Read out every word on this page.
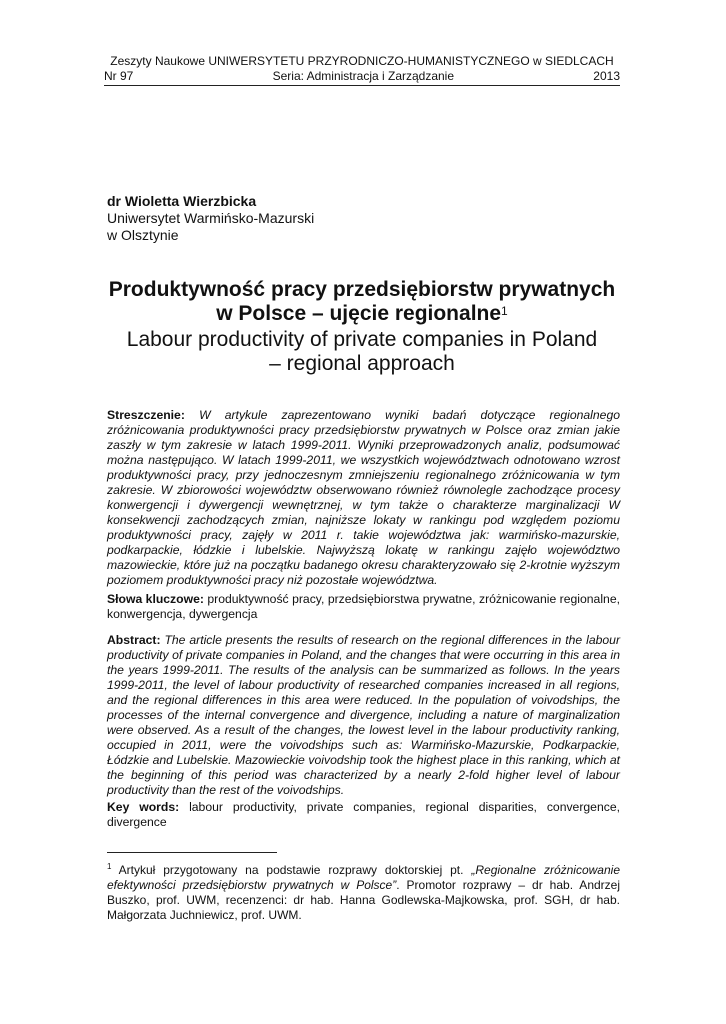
Zeszyty Naukowe UNIWERSYTETU PRZYRODNICZO-HUMANISTYCZNEGO w SIEDLCACH
Nr 97	Seria: Administracja i Zarządzanie	2013
dr Wioletta Wierzbicka
Uniwersytet Warmińsko-Mazurski
w Olsztynie
Produktywność pracy przedsiębiorstw prywatnych
w Polsce – ujęcie regionalne$^1$
Labour productivity of private companies in Poland
– regional approach
Streszczenie: W artykule zaprezentowano wyniki badań dotyczące regionalnego zróżnicowania produktywności pracy przedsiębiorstw prywatnych w Polsce oraz zmian jakie zaszły w tym zakresie w latach 1999-2011. Wyniki przeprowadzonych analiz, podsumować można następująco. W latach 1999-2011, we wszystkich województwach odnotowano wzrost produktywności pracy, przy jednoczesnym zmniejszeniu regionalnego zróżnicowania w tym zakresie. W zbiorowości województw obserwowano również równolegle zachodzące procesy konwergencji i dywergencji wewnętrznej, w tym także o charakterze marginalizacji W konsekwencji zachodzących zmian, najniższe lokaty w rankingu pod względem poziomu produktywności pracy, zajęły w 2011 r. takie województwa jak: warmińsko-mazurskie, podkarpackie, łódzkie i lubelskie. Najwyższą lokatę w rankingu zajęło województwo mazowieckie, które już na początku badanego okresu charakteryzowało się 2-krotnie wyższym poziomem produktywności pracy niż pozostałe województwa.
Słowa kluczowe: produktywność pracy, przedsiębiorstwa prywatne, zróżnicowanie regionalne, konwergencja, dywergencja
Abstract: The article presents the results of research on the regional differences in the labour productivity of private companies in Poland, and the changes that were occurring in this area in the years 1999-2011. The results of the analysis can be summarized as follows. In the years 1999-2011, the level of labour productivity of researched companies increased in all regions, and the regional differences in this area were reduced. In the population of voivodships, the processes of the internal convergence and divergence, including a nature of marginalization were observed. As a result of the changes, the lowest level in the labour productivity ranking, occupied in 2011, were the voivodships such as: Warmińsko-Mazurskie, Podkarpackie, Łódzkie and Lubelskie. Mazowieckie voivodship took the highest place in this ranking, which at the beginning of this period was characterized by a nearly 2-fold higher level of labour productivity than the rest of the voivodships.
Key words: labour productivity, private companies, regional disparities, convergence, divergence
$^1$ Artykuł przygotowany na podstawie rozprawy doktorskiej pt. „Regionalne zróżnicowanie efektywności przedsiębiorstw prywatnych w Polsce”. Promotor rozprawy – dr hab. Andrzej Buszko, prof. UWM, recenzenci: dr hab. Hanna Godlewska-Majkowska, prof. SGH, dr hab. Małgorzata Juchniewicz, prof. UWM.
